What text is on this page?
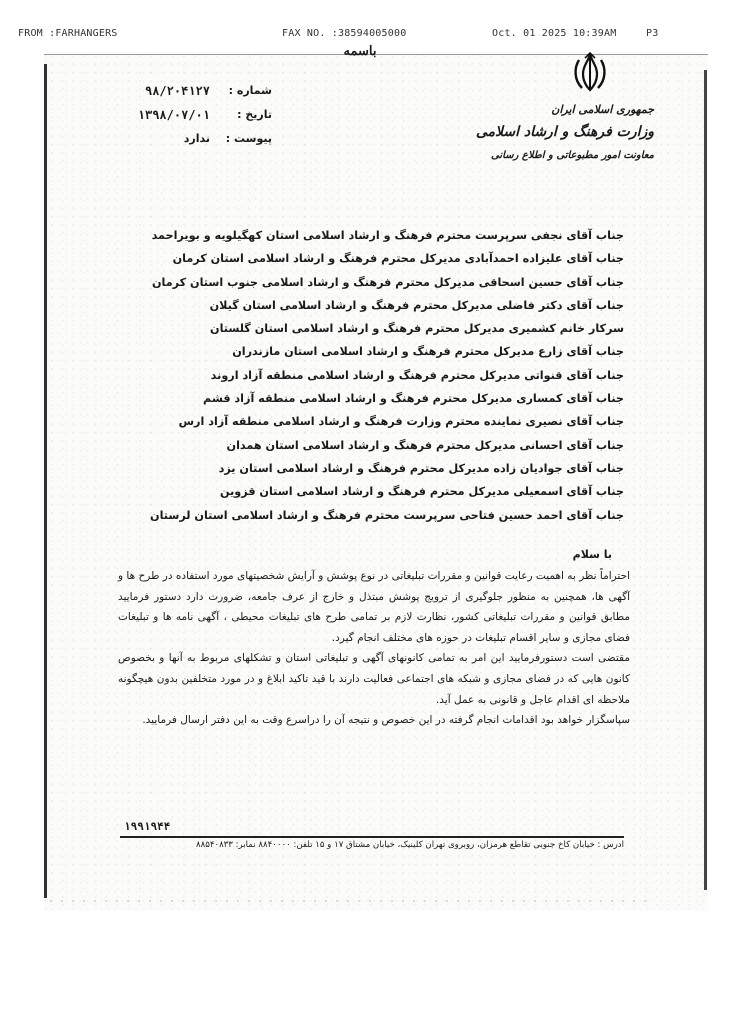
FROM :FARHANGERS	FAX NO. :38594005000	Oct. 01 2025 10:39AM	P3
باسمه
جمهوری اسلامی ایران
وزارت فرهنگ و ارشاد اسلامی
معاونت امور مطبوعاتی و اطلاع رسانی
شماره :
۹۸/۲۰۴۱۲۷
تاریخ :
۱۳۹۸/۰۷/۰۱
پیوست :
ندارد
جناب آقای نجفی سرپرست محترم فرهنگ و ارشاد اسلامی استان کهگیلویه و بویراحمد
جناب آقای علیزاده احمدآبادی مدیرکل محترم فرهنگ و ارشاد اسلامی استان کرمان
جناب آقای حسین اسحاقی مدیرکل محترم فرهنگ و ارشاد اسلامی جنوب استان کرمان
جناب آقای دکتر فاضلی مدیرکل محترم فرهنگ و ارشاد اسلامی استان گیلان
سرکار خانم کشمیری مدیرکل محترم فرهنگ و ارشاد اسلامی استان گلستان
جناب آقای زارع مدیرکل محترم فرهنگ و ارشاد اسلامی استان مازندران
جناب آقای قنواتی مدیرکل محترم فرهنگ و ارشاد اسلامی منطقه آزاد اروند
جناب آقای کمساری مدیرکل محترم فرهنگ و ارشاد اسلامی منطقه آزاد قشم
جناب آقای نصیری نماینده محترم وزارت فرهنگ و ارشاد اسلامی منطقه آزاد ارس
جناب آقای احسانی مدیرکل محترم فرهنگ و ارشاد اسلامی استان همدان
جناب آقای جوادیان زاده مدیرکل محترم فرهنگ و ارشاد اسلامی استان یزد
جناب آقای اسمعیلی مدیرکل محترم فرهنگ و ارشاد اسلامی استان قزوین
جناب آقای احمد حسین فتاحی سرپرست محترم فرهنگ و ارشاد اسلامی استان لرستان
با سلام

احتراماً نظر به اهمیت رعایت قوانین و مقررات تبلیغاتی در نوع پوشش و آرایش شخصیتهای مورد استفاده در طرح ها و آگهی ها، همچنین به منظور جلوگیری از ترویج پوشش مبتذل و خارج از عرف جامعه، ضرورت دارد دستور فرمایید مطابق قوانین و مقررات تبلیغاتی کشور، نظارت لازم بر تمامی طرح های تبلیغات محیطی ، آگهی نامه ها و تبلیغات فضای مجازی و سایر اقسام تبلیغات در حوزه های مختلف انجام گیرد.

مقتضی است دستورفرمایید این امر به تمامی کانونهای آگهی و تبلیغاتی استان و تشکلهای مربوط به آنها و بخصوص کانون هایی که در فضای مجازی و شبکه های اجتماعی فعالیت دارند با قید تاکید ابلاغ و در مورد متخلفین بدون هیچگونه ملاحظه ای اقدام عاجل و قانونی به عمل آید.

سپاسگزار خواهد بود اقدامات انجام گرفته در این خصوص و نتیجه آن را دراسرع وقت به این دفتر ارسال فرمایید.

۱۹۹۱۹۴۴
آدرس : خیابان کاخ جنوبی تقاطع هرمزان، روبروی تهران کلینیک، خیابان مشتاق ۱۷ و ۱۵ تلفن: ۸۸۴۰۰۰۰ نمابر: ۸۸۵۴۰۸۳۳
